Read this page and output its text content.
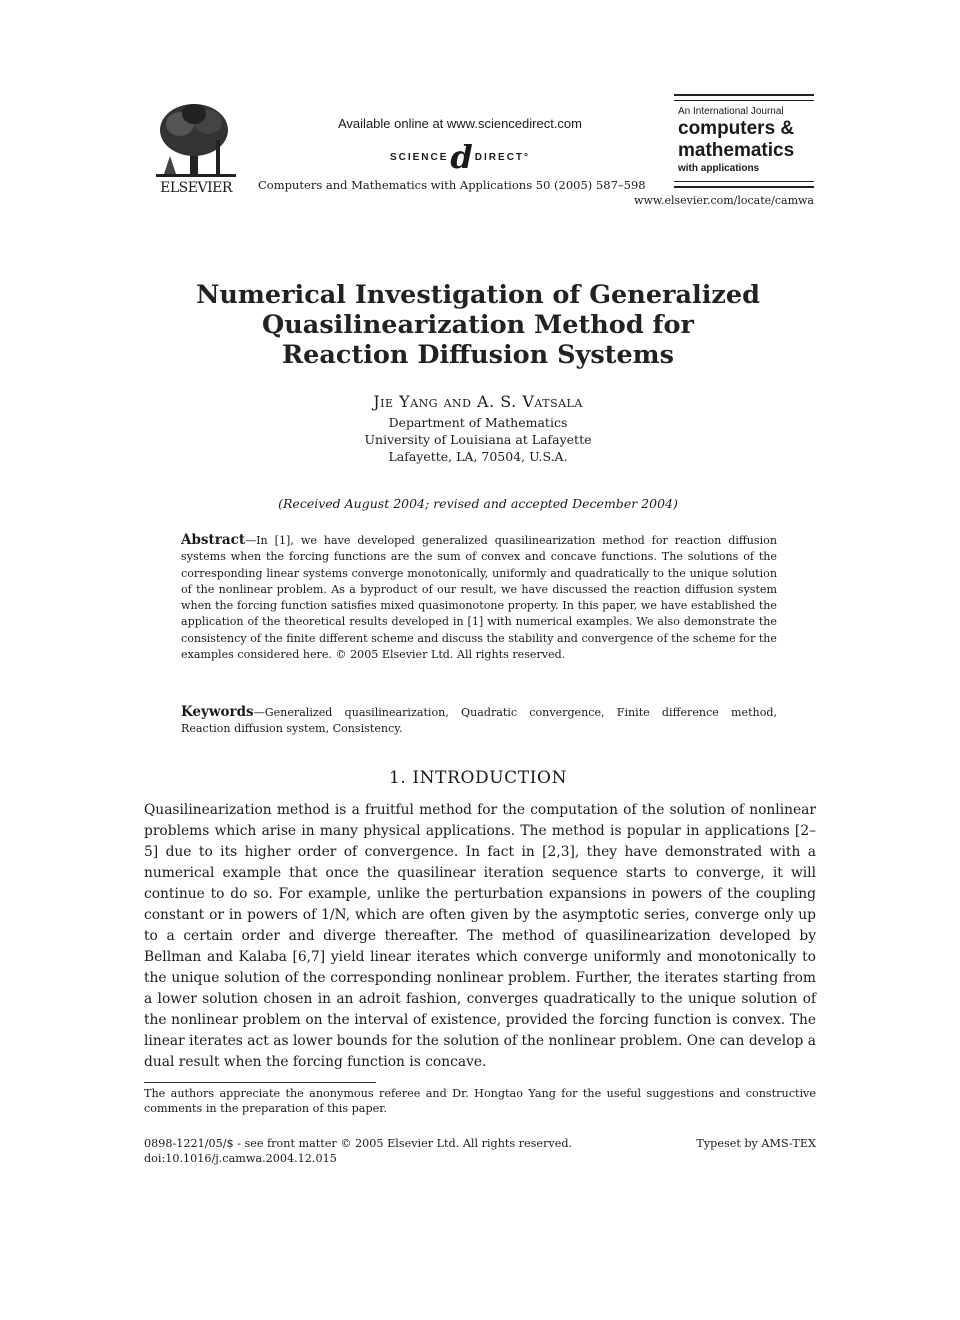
ELSEVIER
Available online at www.sciencedirect.com
SCIENCE d DIRECT°
Computers and Mathematics with Applications 50 (2005) 587–598
An International Journal
computers &
mathematics
with applications
www.elsevier.com/locate/camwa
Numerical Investigation of Generalized
Quasilinearization Method for
Reaction Diffusion Systems
Jie Yang and A. S. Vatsala
Department of Mathematics
University of Louisiana at Lafayette
Lafayette, LA, 70504, U.S.A.
(Received August 2004; revised and accepted December 2004)
Abstract—In [1], we have developed generalized quasilinearization method for reaction diffusion systems when the forcing functions are the sum of convex and concave functions. The solutions of the corresponding linear systems converge monotonically, uniformly and quadratically to the unique solution of the nonlinear problem. As a byproduct of our result, we have discussed the reaction diffusion system when the forcing function satisfies mixed quasimonotone property. In this paper, we have established the application of the theoretical results developed in [1] with numerical examples. We also demonstrate the consistency of the finite different scheme and discuss the stability and convergence of the scheme for the examples considered here. © 2005 Elsevier Ltd. All rights reserved.
Keywords—Generalized quasilinearization, Quadratic convergence, Finite difference method, Reaction diffusion system, Consistency.
1. INTRODUCTION

Quasilinearization method is a fruitful method for the computation of the solution of nonlinear problems which arise in many physical applications. The method is popular in applications [2–5] due to its higher order of convergence. In fact in [2,3], they have demonstrated with a numerical example that once the quasilinear iteration sequence starts to converge, it will continue to do so. For example, unlike the perturbation expansions in powers of the coupling constant or in powers of 1/N, which are often given by the asymptotic series, converge only up to a certain order and diverge thereafter. The method of quasilinearization developed by Bellman and Kalaba [6,7] yield linear iterates which converge uniformly and monotonically to the unique solution of the corresponding nonlinear problem. Further, the iterates starting from a lower solution chosen in an adroit fashion, converges quadratically to the unique solution of the nonlinear problem on the interval of existence, provided the forcing function is convex. The linear iterates act as lower bounds for the solution of the nonlinear problem. One can develop a dual result when the forcing function is concave.

The authors appreciate the anonymous referee and Dr. Hongtao Yang for the useful suggestions and constructive comments in the preparation of this paper.
0898-1221/05/$ - see front matter © 2005 Elsevier Ltd. All rights reserved.
doi:10.1016/j.camwa.2004.12.015
Typeset by AMS-TEX
